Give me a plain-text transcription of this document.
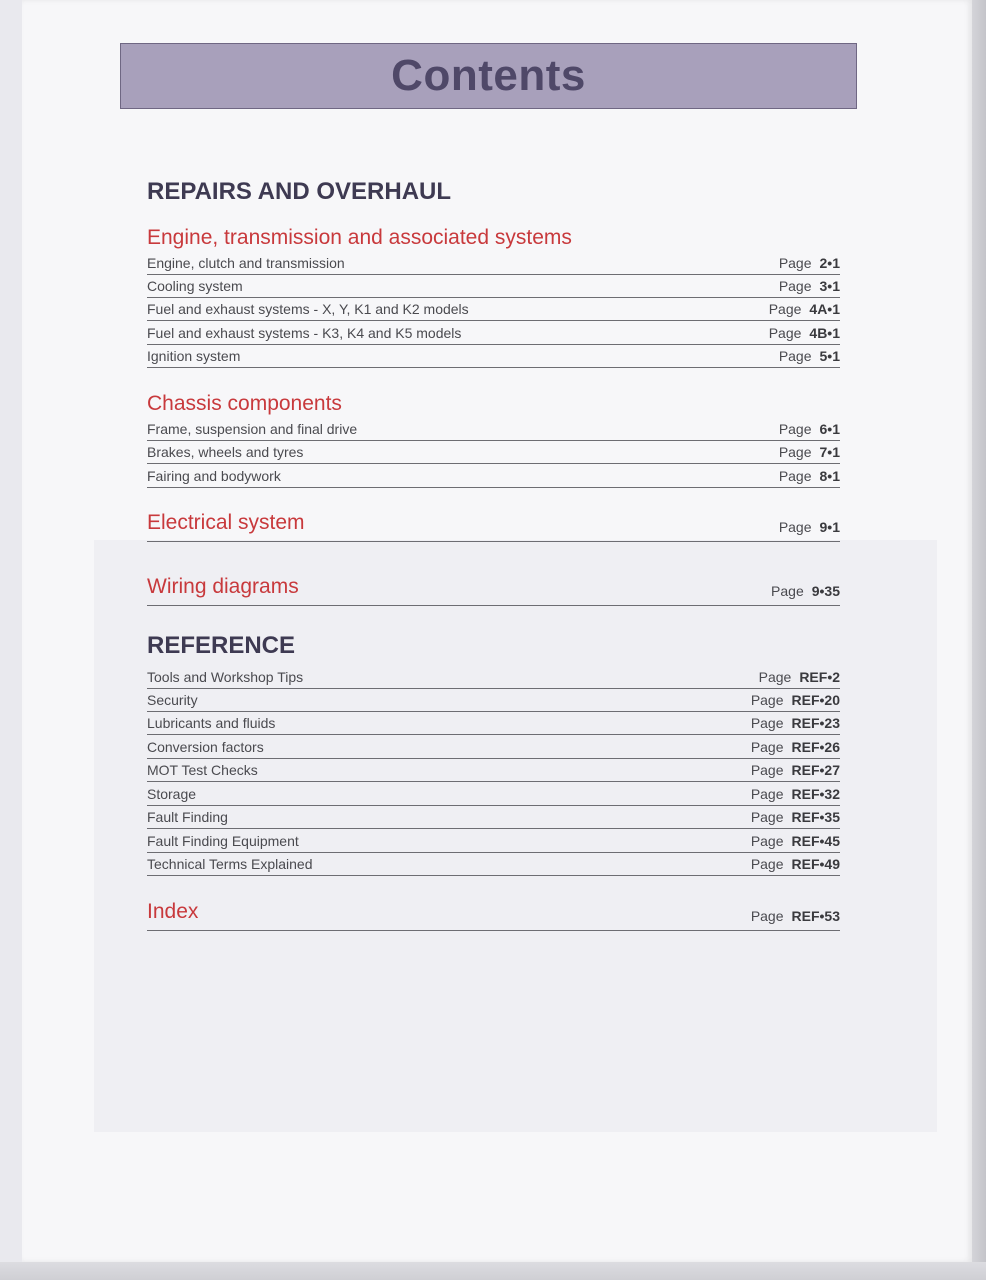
Contents
REPAIRS AND OVERHAUL
Engine, transmission and associated systems
Engine, clutch and transmission	Page 2•1
Cooling system	Page 3•1
Fuel and exhaust systems - X, Y, K1 and K2 models	Page 4A•1
Fuel and exhaust systems - K3, K4 and K5 models	Page 4B•1
Ignition system	Page 5•1
Chassis components
Frame, suspension and final drive	Page 6•1
Brakes, wheels and tyres	Page 7•1
Fairing and bodywork	Page 8•1
Electrical system	Page 9•1
Wiring diagrams	Page 9•35
REFERENCE
Tools and Workshop Tips	Page REF•2
Security	Page REF•20
Lubricants and fluids	Page REF•23
Conversion factors	Page REF•26
MOT Test Checks	Page REF•27
Storage	Page REF•32
Fault Finding	Page REF•35
Fault Finding Equipment	Page REF•45
Technical Terms Explained	Page REF•49
Index	Page REF•53
